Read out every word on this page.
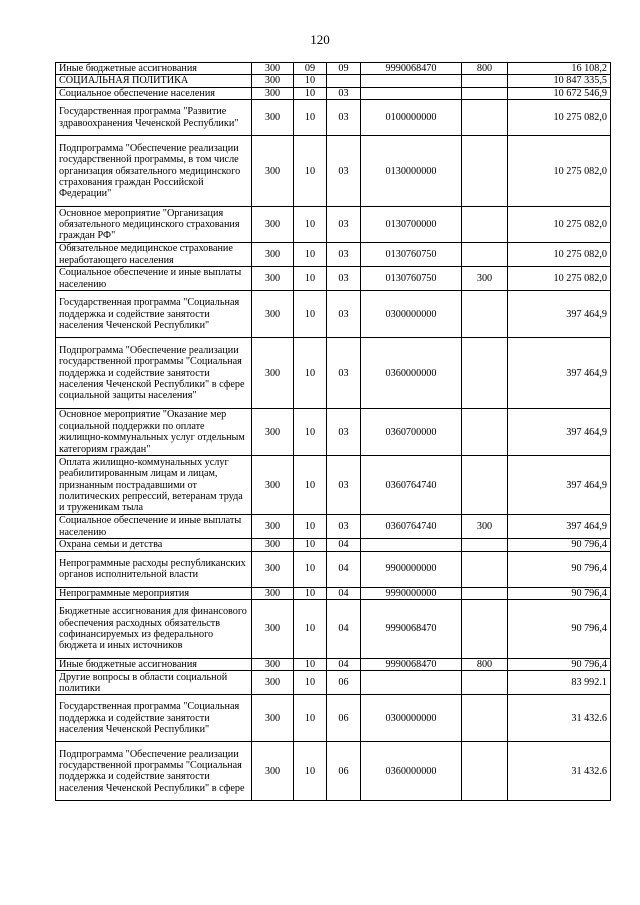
120
Иные бюджетные ассигнования	300	09	09	9990068470	800	16 108,2
СОЦИАЛЬНАЯ ПОЛИТИКА	300	10				10 847 335,5
Социальное обеспечение населения	300	10	03			10 672 546,9
Государственная программа "Развитие здравоохранения Чеченской Республики"	300	10	03	0100000000		10 275 082,0
Подпрограмма "Обеспечение реализации государственной программы, в том числе организация обязательного медицинского страхования граждан Российской Федерации"	300	10	03	0130000000		10 275 082,0
Основное мероприятие "Организация обязательного медицинского страхования граждан РФ"	300	10	03	0130700000		10 275 082,0
Обязательное медицинское страхование неработающего населения	300	10	03	0130760750		10 275 082,0
Социальное обеспечение и иные выплаты населению	300	10	03	0130760750	300	10 275 082,0
Государственная программа "Социальная поддержка и содействие занятости населения Чеченской Республики"	300	10	03	0300000000		397 464,9
Подпрограмма "Обеспечение реализации государственной программы "Социальная поддержка и содействие занятости населения Чеченской Республики" в сфере социальной защиты населения"	300	10	03	0360000000		397 464,9
Основное мероприятие "Оказание мер социальной поддержки по оплате жилищно-коммунальных услуг отдельным категориям граждан"	300	10	03	0360700000		397 464,9
Оплата жилищно-коммунальных услуг реабилитированным лицам и лицам, признанным пострадавшими от политических репрессий, ветеранам труда и труженикам тыла	300	10	03	0360764740		397 464,9
Социальное обеспечение и иные выплаты населению	300	10	03	0360764740	300	397 464,9
Охрана семьи и детства	300	10	04			90 796,4
Непрограммные расходы республиканских органов исполнительной власти	300	10	04	9900000000		90 796,4
Непрограммные мероприятия	300	10	04	9990000000		90 796,4
Бюджетные ассигнования для финансового обеспечения расходных обязательств софинансируемых из федерального бюджета и иных источников	300	10	04	9990068470		90 796,4
Иные бюджетные ассигнования	300	10	04	9990068470	800	90 796,4
Другие вопросы в области социальной политики	300	10	06			83 992.1
Государственная программа "Социальная поддержка и содействие занятости населения Чеченской Республики"	300	10	06	0300000000		31 432.6
Подпрограмма "Обеспечение реализации государственной программы "Социальная поддержка и содействие занятости населения Чеченской Республики" в сфере	300	10	06	0360000000		31 432.6
